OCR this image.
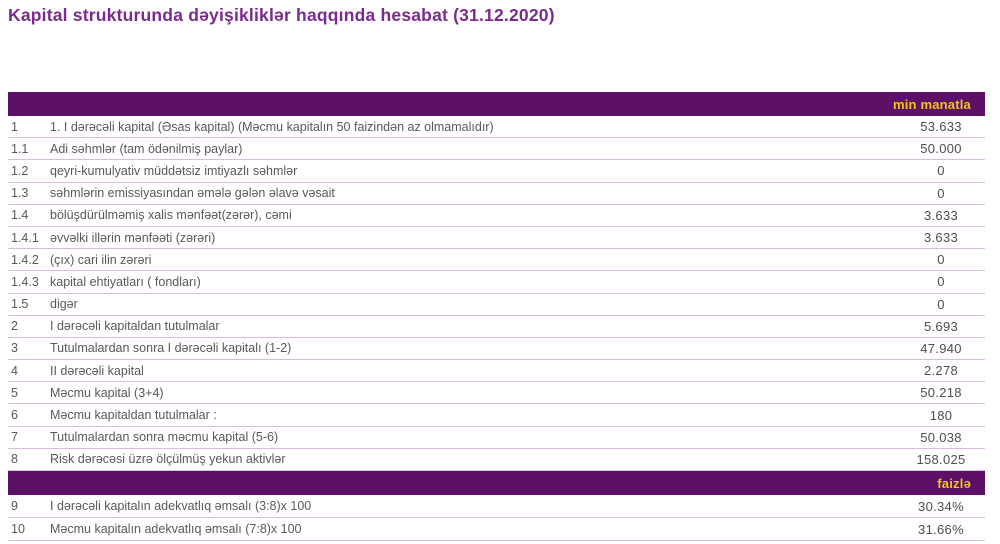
Kapital strukturunda dəyişikliklər haqqında hesabat (31.12.2020)
min manatla
1	1. I dərəcəli kapital (Əsas kapital) (Məcmu kapitalın 50 faizindən az olmamalıdır)	53.633
1.1	Adi səhmlər (tam ödənilmiş paylar)	50.000
1.2	qeyri-kumulyativ müddətsiz imtiyazlı səhmlər	0
1.3	səhmlərin emissiyasından əmələ gələn əlavə vəsait	0
1.4	bölüşdürülməmiş xalis mənfəət(zərər), cəmi	3.633
1.4.1 əvvəlki illərin mənfəəti (zərəri)	3.633
1.4.2 (çıx) cari ilin zərəri	0
1.4.3 kapital ehtiyatları ( fondları)	0
1.5	digər	0
2	I dərəcəli kapitaldan tutulmalar	5.693
3	Tutulmalardan sonra I dərəcəli kapitalı (1-2)	47.940
4	II dərəcəli kapital	2.278
5	Məcmu kapital (3+4)	50.218
6	Məcmu kapitaldan tutulmalar :	180
7	Tutulmalardan sonra məcmu kapital (5-6)	50.038
8	Risk dərəcəsi üzrə ölçülmüş yekun aktivlər	158.025
faizlə
9	I dərəcəli kapitalın adekvatlıq əmsalı (3:8)x 100	30.34%
10	Məcmu kapitalın adekvatlıq əmsalı (7:8)x 100	31.66%
